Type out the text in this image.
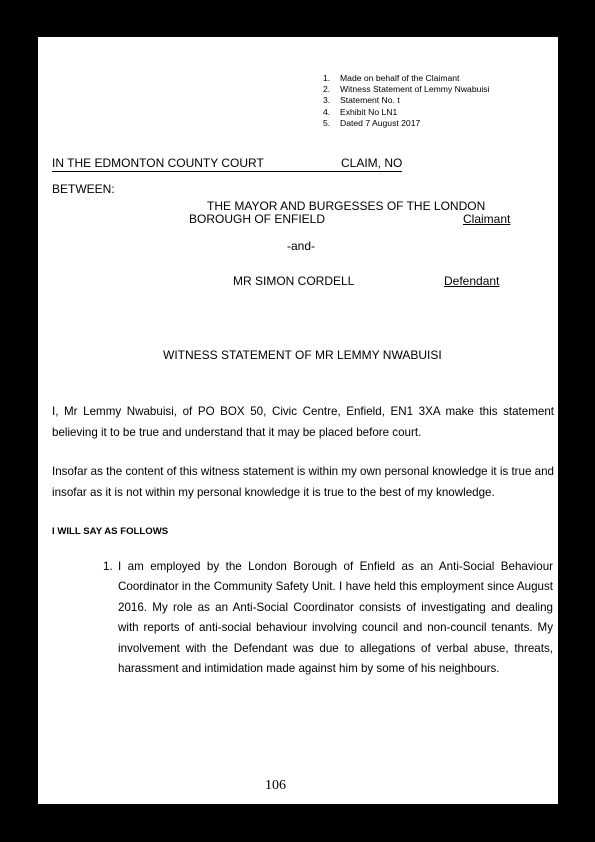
1.	Made on behalf of the Claimant
2.	Witness Statement of Lemmy Nwabuisi
3.	Statement No. t
4.	Exhibit No LN1
5.	Dated 7 August 2017
IN THE EDMONTON COUNTY COURT	CLAIM, NO
BETWEEN:
THE MAYOR AND BURGESSES OF THE LONDON
BOROUGH OF ENFIELD	Claimant
-and-
MR SIMON CORDELL	Defendant
WITNESS STATEMENT OF MR LEMMY NWABUISI
I, Mr Lemmy Nwabuisi, of PO BOX 50, Civic Centre, Enfield, EN1 3XA make this statement believing it to be true and understand that it may be placed before court.
Insofar as the content of this witness statement is within my own personal knowledge it is true and insofar as it is not within my personal knowledge it is true to the best of my knowledge.
I WILL SAY AS FOLLOWS
1. I am employed by the London Borough of Enfield as an Anti-Social Behaviour Coordinator in the Community Safety Unit. I have held this employment since August 2016. My role as an Anti-Social Coordinator consists of investigating and dealing with reports of anti-social behaviour involving council and non-council tenants. My involvement with the Defendant was due to allegations of verbal abuse, threats, harassment and intimidation made against him by some of his neighbours.
106
